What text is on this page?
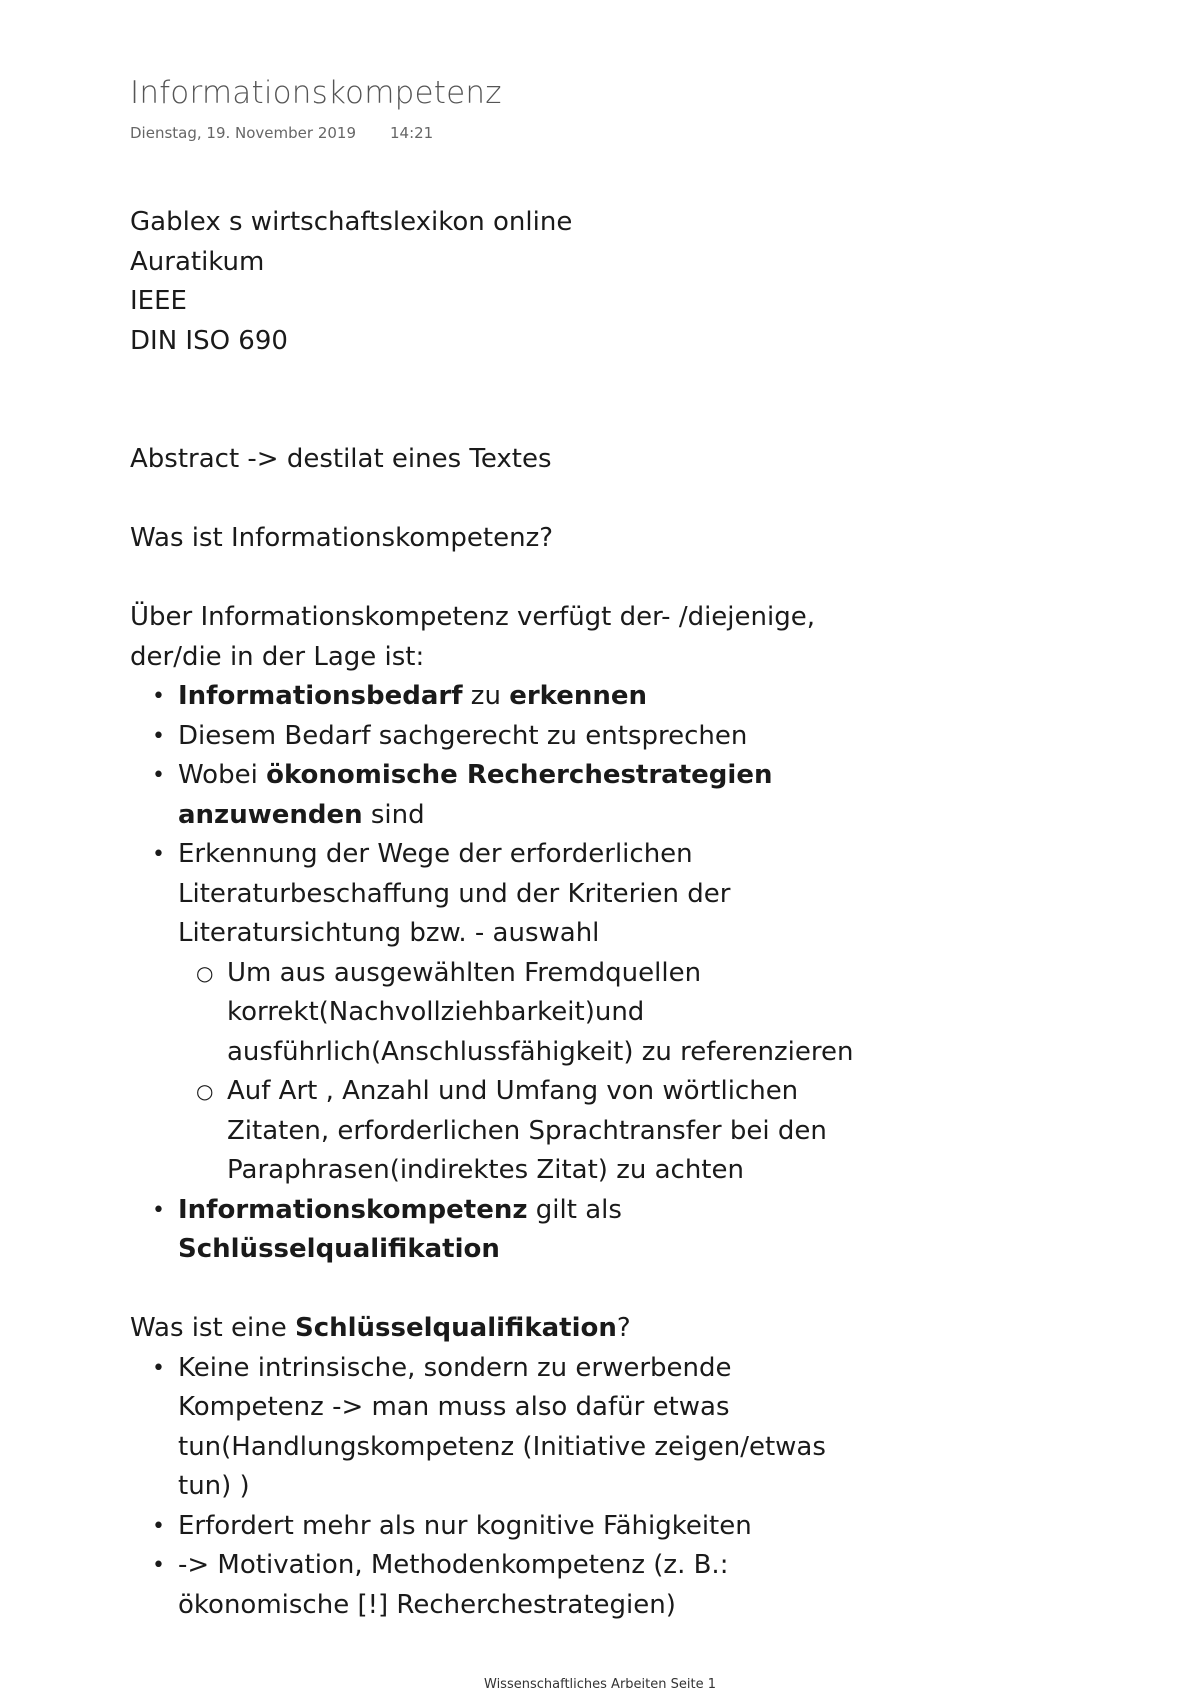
Informationskompetenz
Dienstag, 19. November 2019 14:21
Gablex s wirtschaftslexikon online
Auratikum
IEEE
DIN ISO 690
Abstract -> destilat eines Textes
Was ist Informationskompetenz?
Über Informationskompetenz verfügt der- /diejenige,
der/die in der Lage ist:
• Informationsbedarf zu erkennen
• Diesem Bedarf sachgerecht zu entsprechen
• Wobei ökonomische Recherchestrategien
anzuwenden sind
• Erkennung der Wege der erforderlichen
Literaturbeschaffung und der Kriterien der
Literatursichtung bzw. - auswahl
○ Um aus ausgewählten Fremdquellen
korrekt(Nachvollziehbarkeit)und
ausführlich(Anschlussfähigkeit) zu referenzieren
○ Auf Art , Anzahl und Umfang von wörtlichen
Zitaten, erforderlichen Sprachtransfer bei den
Paraphrasen(indirektes Zitat) zu achten
• Informationskompetenz gilt als
Schlüsselqualifikation
Was ist eine Schlüsselqualifikation?
• Keine intrinsische, sondern zu erwerbende
Kompetenz -> man muss also dafür etwas
tun(Handlungskompetenz (Initiative zeigen/etwas
tun) )
• Erfordert mehr als nur kognitive Fähigkeiten
• -> Motivation, Methodenkompetenz (z. B.:
ökonomische [!] Recherchestrategien)
Wissenschaftliches Arbeiten Seite 1
